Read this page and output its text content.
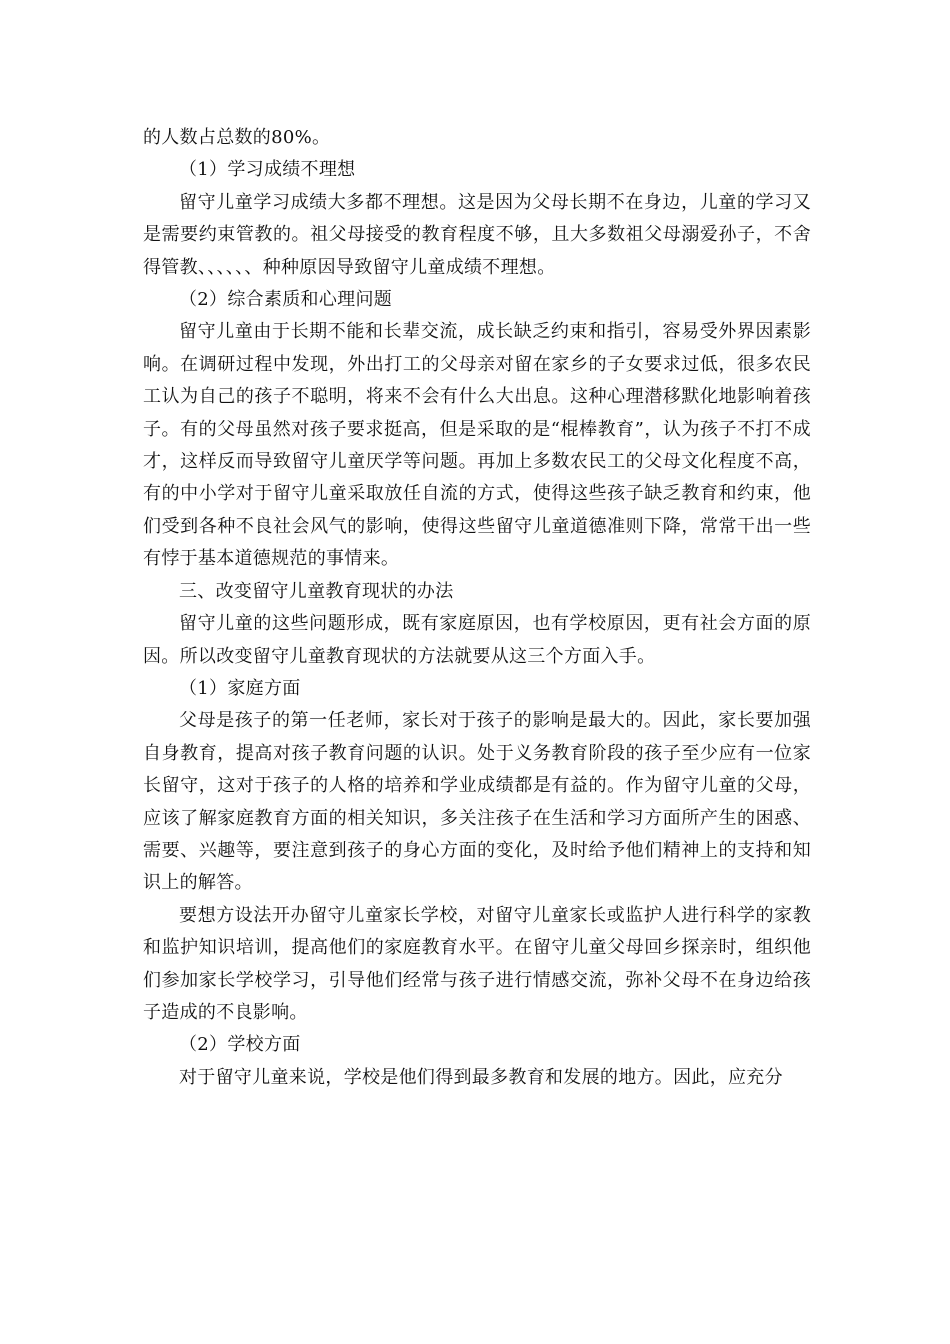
的人数占总数的80%。

（1）学习成绩不理想

留守儿童学习成绩大多都不理想。这是因为父母长期不在身边，儿童的学习又是需要约束管教的。祖父母接受的教育程度不够，且大多数祖父母溺爱孙子，不舍得管教、、、、、、种种原因导致留守儿童成绩不理想。

（2）综合素质和心理问题

留守儿童由于长期不能和长辈交流，成长缺乏约束和指引，容易受外界因素影响。在调研过程中发现，外出打工的父母亲对留在家乡的子女要求过低，很多农民工认为自己的孩子不聪明，将来不会有什么大出息。这种心理潜移默化地影响着孩子。有的父母虽然对孩子要求挺高，但是采取的是“棍棒教育”，认为孩子不打不成才，这样反而导致留守儿童厌学等问题。再加上多数农民工的父母文化程度不高，有的中小学对于留守儿童采取放任自流的方式，使得这些孩子缺乏教育和约束，他们受到各种不良社会风气的影响，使得这些留守儿童道德准则下降，常常干出一些有悖于基本道德规范的事情来。

三、改变留守儿童教育现状的办法

留守儿童的这些问题形成，既有家庭原因，也有学校原因，更有社会方面的原因。所以改变留守儿童教育现状的方法就要从这三个方面入手。

（1）家庭方面

父母是孩子的第一任老师，家长对于孩子的影响是最大的。因此，家长要加强自身教育，提高对孩子教育问题的认识。处于义务教育阶段的孩子至少应有一位家长留守，这对于孩子的人格的培养和学业成绩都是有益的。作为留守儿童的父母，应该了解家庭教育方面的相关知识，多关注孩子在生活和学习方面所产生的困惑、需要、兴趣等，要注意到孩子的身心方面的变化，及时给予他们精神上的支持和知识上的解答。

要想方设法开办留守儿童家长学校，对留守儿童家长或监护人进行科学的家教和监护知识培训，提高他们的家庭教育水平。在留守儿童父母回乡探亲时，组织他们参加家长学校学习，引导他们经常与孩子进行情感交流，弥补父母不在身边给孩子造成的不良影响。

（2）学校方面

对于留守儿童来说，学校是他们得到最多教育和发展的地方。因此，应充分
